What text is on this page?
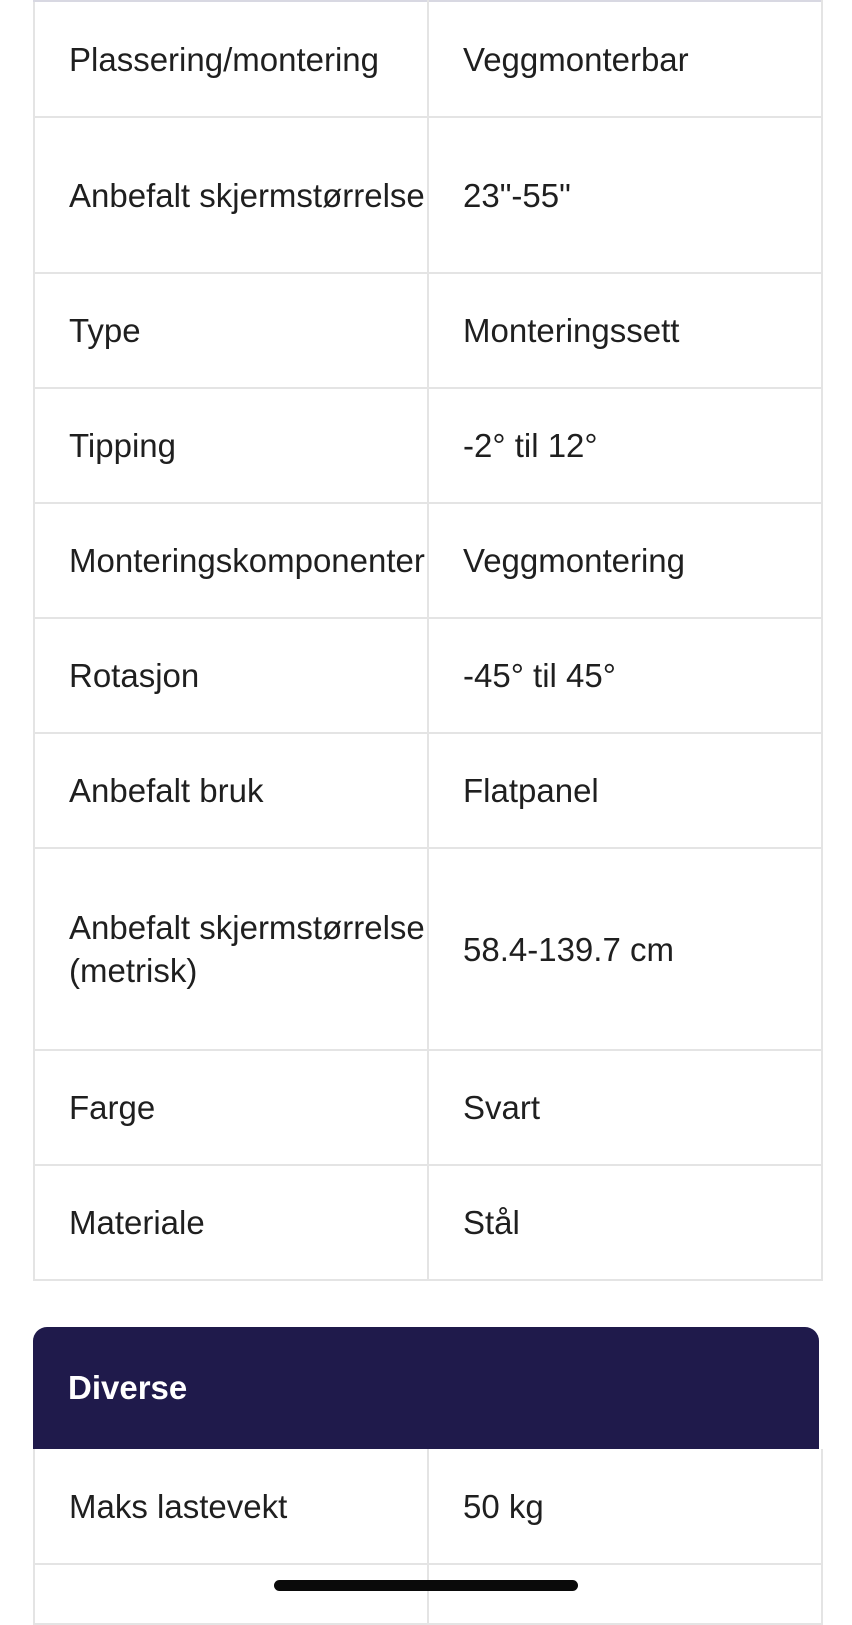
Plassering/montering	Veggmonterbar
Anbefalt skjermstørrelse	23"-55"
Type	Monteringssett
Tipping	-2° til 12°
Monteringskomponenter	Veggmontering
Rotasjon	-45° til 45°
Anbefalt bruk	Flatpanel
Anbefalt skjermstørrelse (metrisk)	58.4-139.7 cm
Farge	Svart
Materiale	Stål
Diverse
Maks lastevekt	50 kg
